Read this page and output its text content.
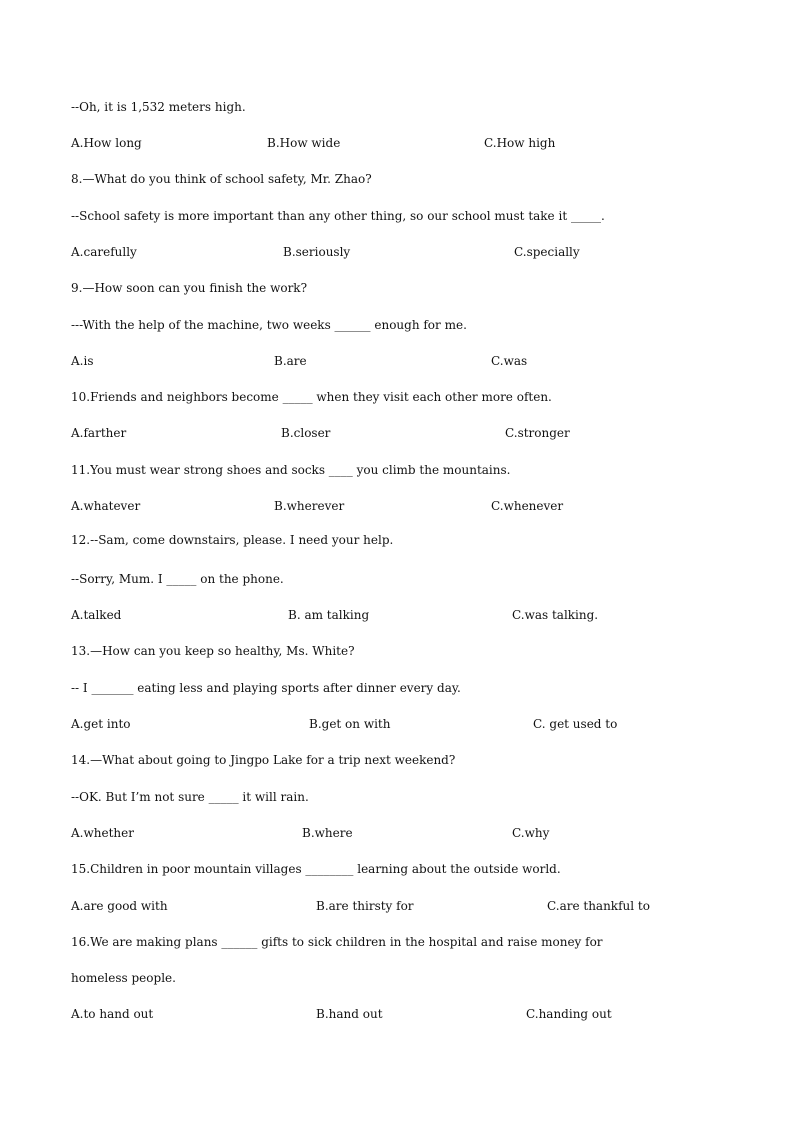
--Oh, it is 1,532 meters high.
A.How long	B.How wide	C.How high
8.—What do you think of school safety, Mr. Zhao?
--School safety is more important than any other thing, so our school must take it _____.
A.carefully	B.seriously	C.specially
9.—How soon can you finish the work?
---With the help of the machine, two weeks ______ enough for me.
A.is	B.are	C.was
10.Friends and neighbors become _____ when they visit each other more often.
A.farther	B.closer	C.stronger
11.You must wear strong shoes and socks ____ you climb the mountains.
A.whatever	B.wherever	C.whenever
12.--Sam, come downstairs, please. I need your help.
--Sorry, Mum. I _____ on the phone.
A.talked	B. am talking	C.was talking.
13.—How can you keep so healthy, Ms. White?
-- I _______ eating less and playing sports after dinner every day.
A.get into	B.get on with	C. get used to
14.—What about going to Jingpo Lake for a trip next weekend?
--OK. But I’m not sure _____ it will rain.
A.whether	B.where	C.why
15.Children in poor mountain villages ________ learning about the outside world.
A.are good with	B.are thirsty for	C.are thankful to
16.We are making plans ______ gifts to sick children in the hospital and raise money for
homeless people.
A.to hand out	B.hand out	C.handing out
